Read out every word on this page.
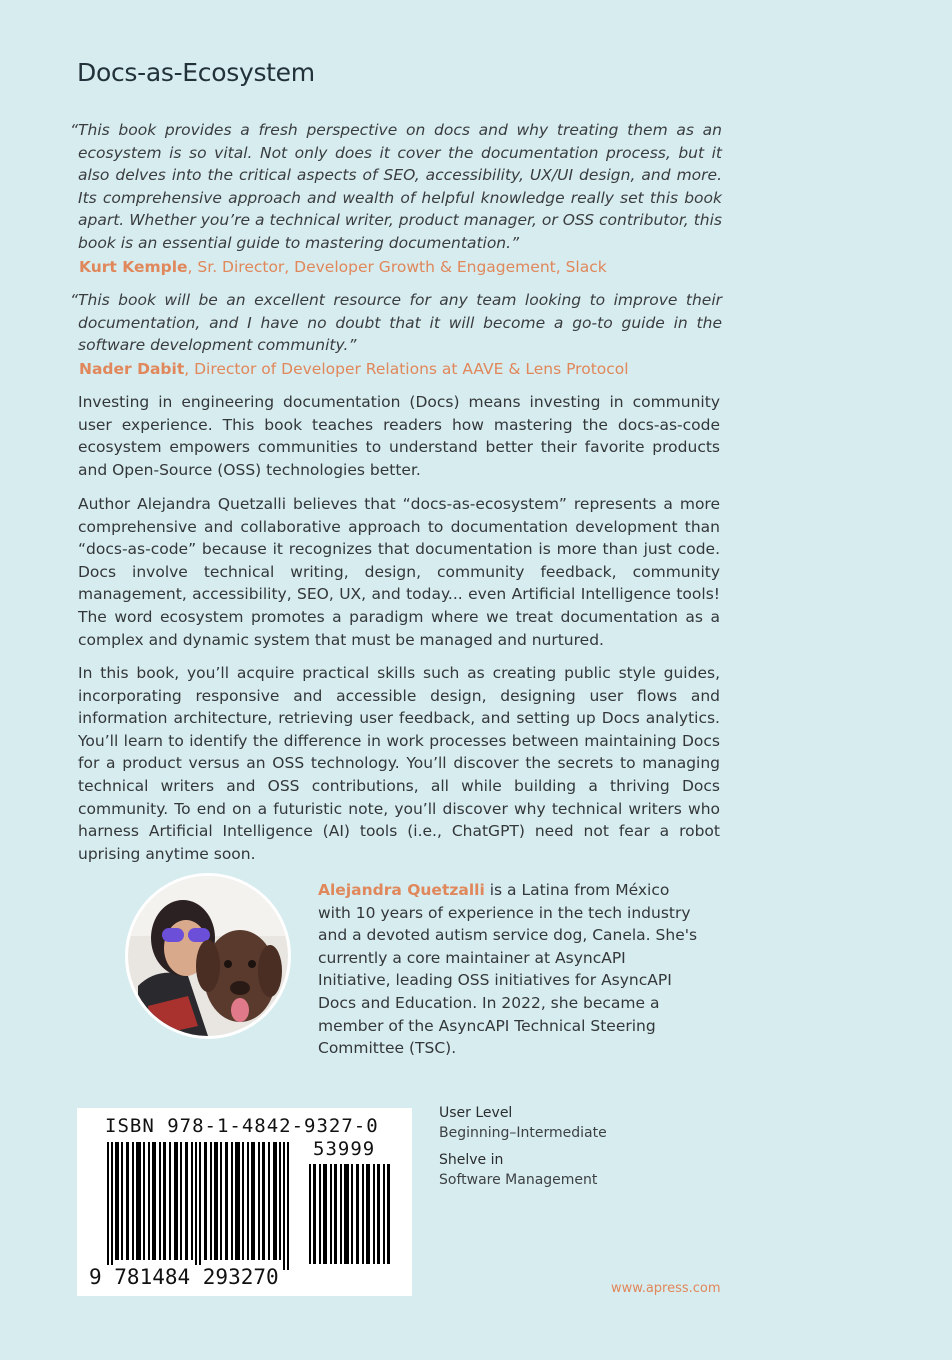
Docs-as-Ecosystem
“This book provides a fresh perspective on docs and why treating them as an ecosystem is so vital. Not only does it cover the documentation process, but it also delves into the critical aspects of SEO, accessibility, UX/UI design, and more. Its comprehensive approach and wealth of helpful knowledge really set this book apart. Whether you’re a technical writer, product manager, or OSS contributor, this book is an essential guide to mastering documentation.”
Kurt Kemple, Sr. Director, Developer Growth & Engagement, Slack
“This book will be an excellent resource for any team looking to improve their documentation, and I have no doubt that it will become a go-to guide in the software development community.”
Nader Dabit, Director of Developer Relations at AAVE & Lens Protocol

Investing in engineering documentation (Docs) means investing in community user experience. This book teaches readers how mastering the docs-as-code ecosystem empowers communities to understand better their favorite products and Open-Source (OSS) technologies better.

Author Alejandra Quetzalli believes that “docs-as-ecosystem” represents a more comprehensive and collaborative approach to documentation development than “docs-as-code” because it recognizes that documentation is more than just code. Docs involve technical writing, design, community feedback, community management, accessibility, SEO, UX, and today... even Artificial Intelligence tools! The word ecosystem promotes a paradigm where we treat documentation as a complex and dynamic system that must be managed and nurtured.

In this book, you’ll acquire practical skills such as creating public style guides, incorporating responsive and accessible design, designing user flows and information architecture, retrieving user feedback, and setting up Docs analytics. You’ll learn to identify the difference in work processes between maintaining Docs for a product versus an OSS technology. You’ll discover the secrets to managing technical writers and OSS contributions, all while building a thriving Docs community. To end on a futuristic note, you’ll discover why technical writers who harness Artificial Intelligence (AI) tools (i.e., ChatGPT) need not fear a robot uprising anytime soon.

Alejandra Quetzalli is a Latina from México with 10 years of experience in the tech industry and a devoted autism service dog, Canela. She's currently a core maintainer at AsyncAPI Initiative, leading OSS initiatives for AsyncAPI Docs and Education. In 2022, she became a member of the AsyncAPI Technical Steering Committee (TSC).
ISBN 978-1-4842-9327-0
53999
9 781484 293270
User Level
Beginning–Intermediate
Shelve in
Software Management
www.apress.com
